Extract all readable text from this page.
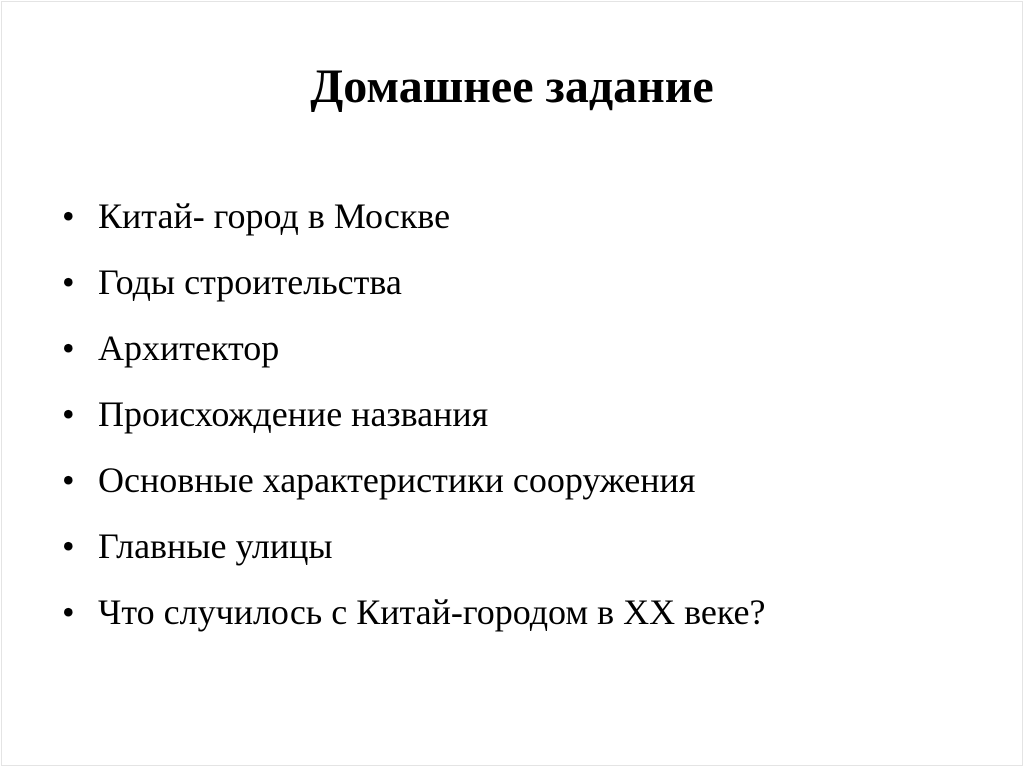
Домашнее задание
• Китай- город в Москве
• Годы строительства
• Архитектор
• Происхождение названия
• Основные характеристики сооружения
• Главные улицы
• Что случилось с Китай-городом в XX веке?
